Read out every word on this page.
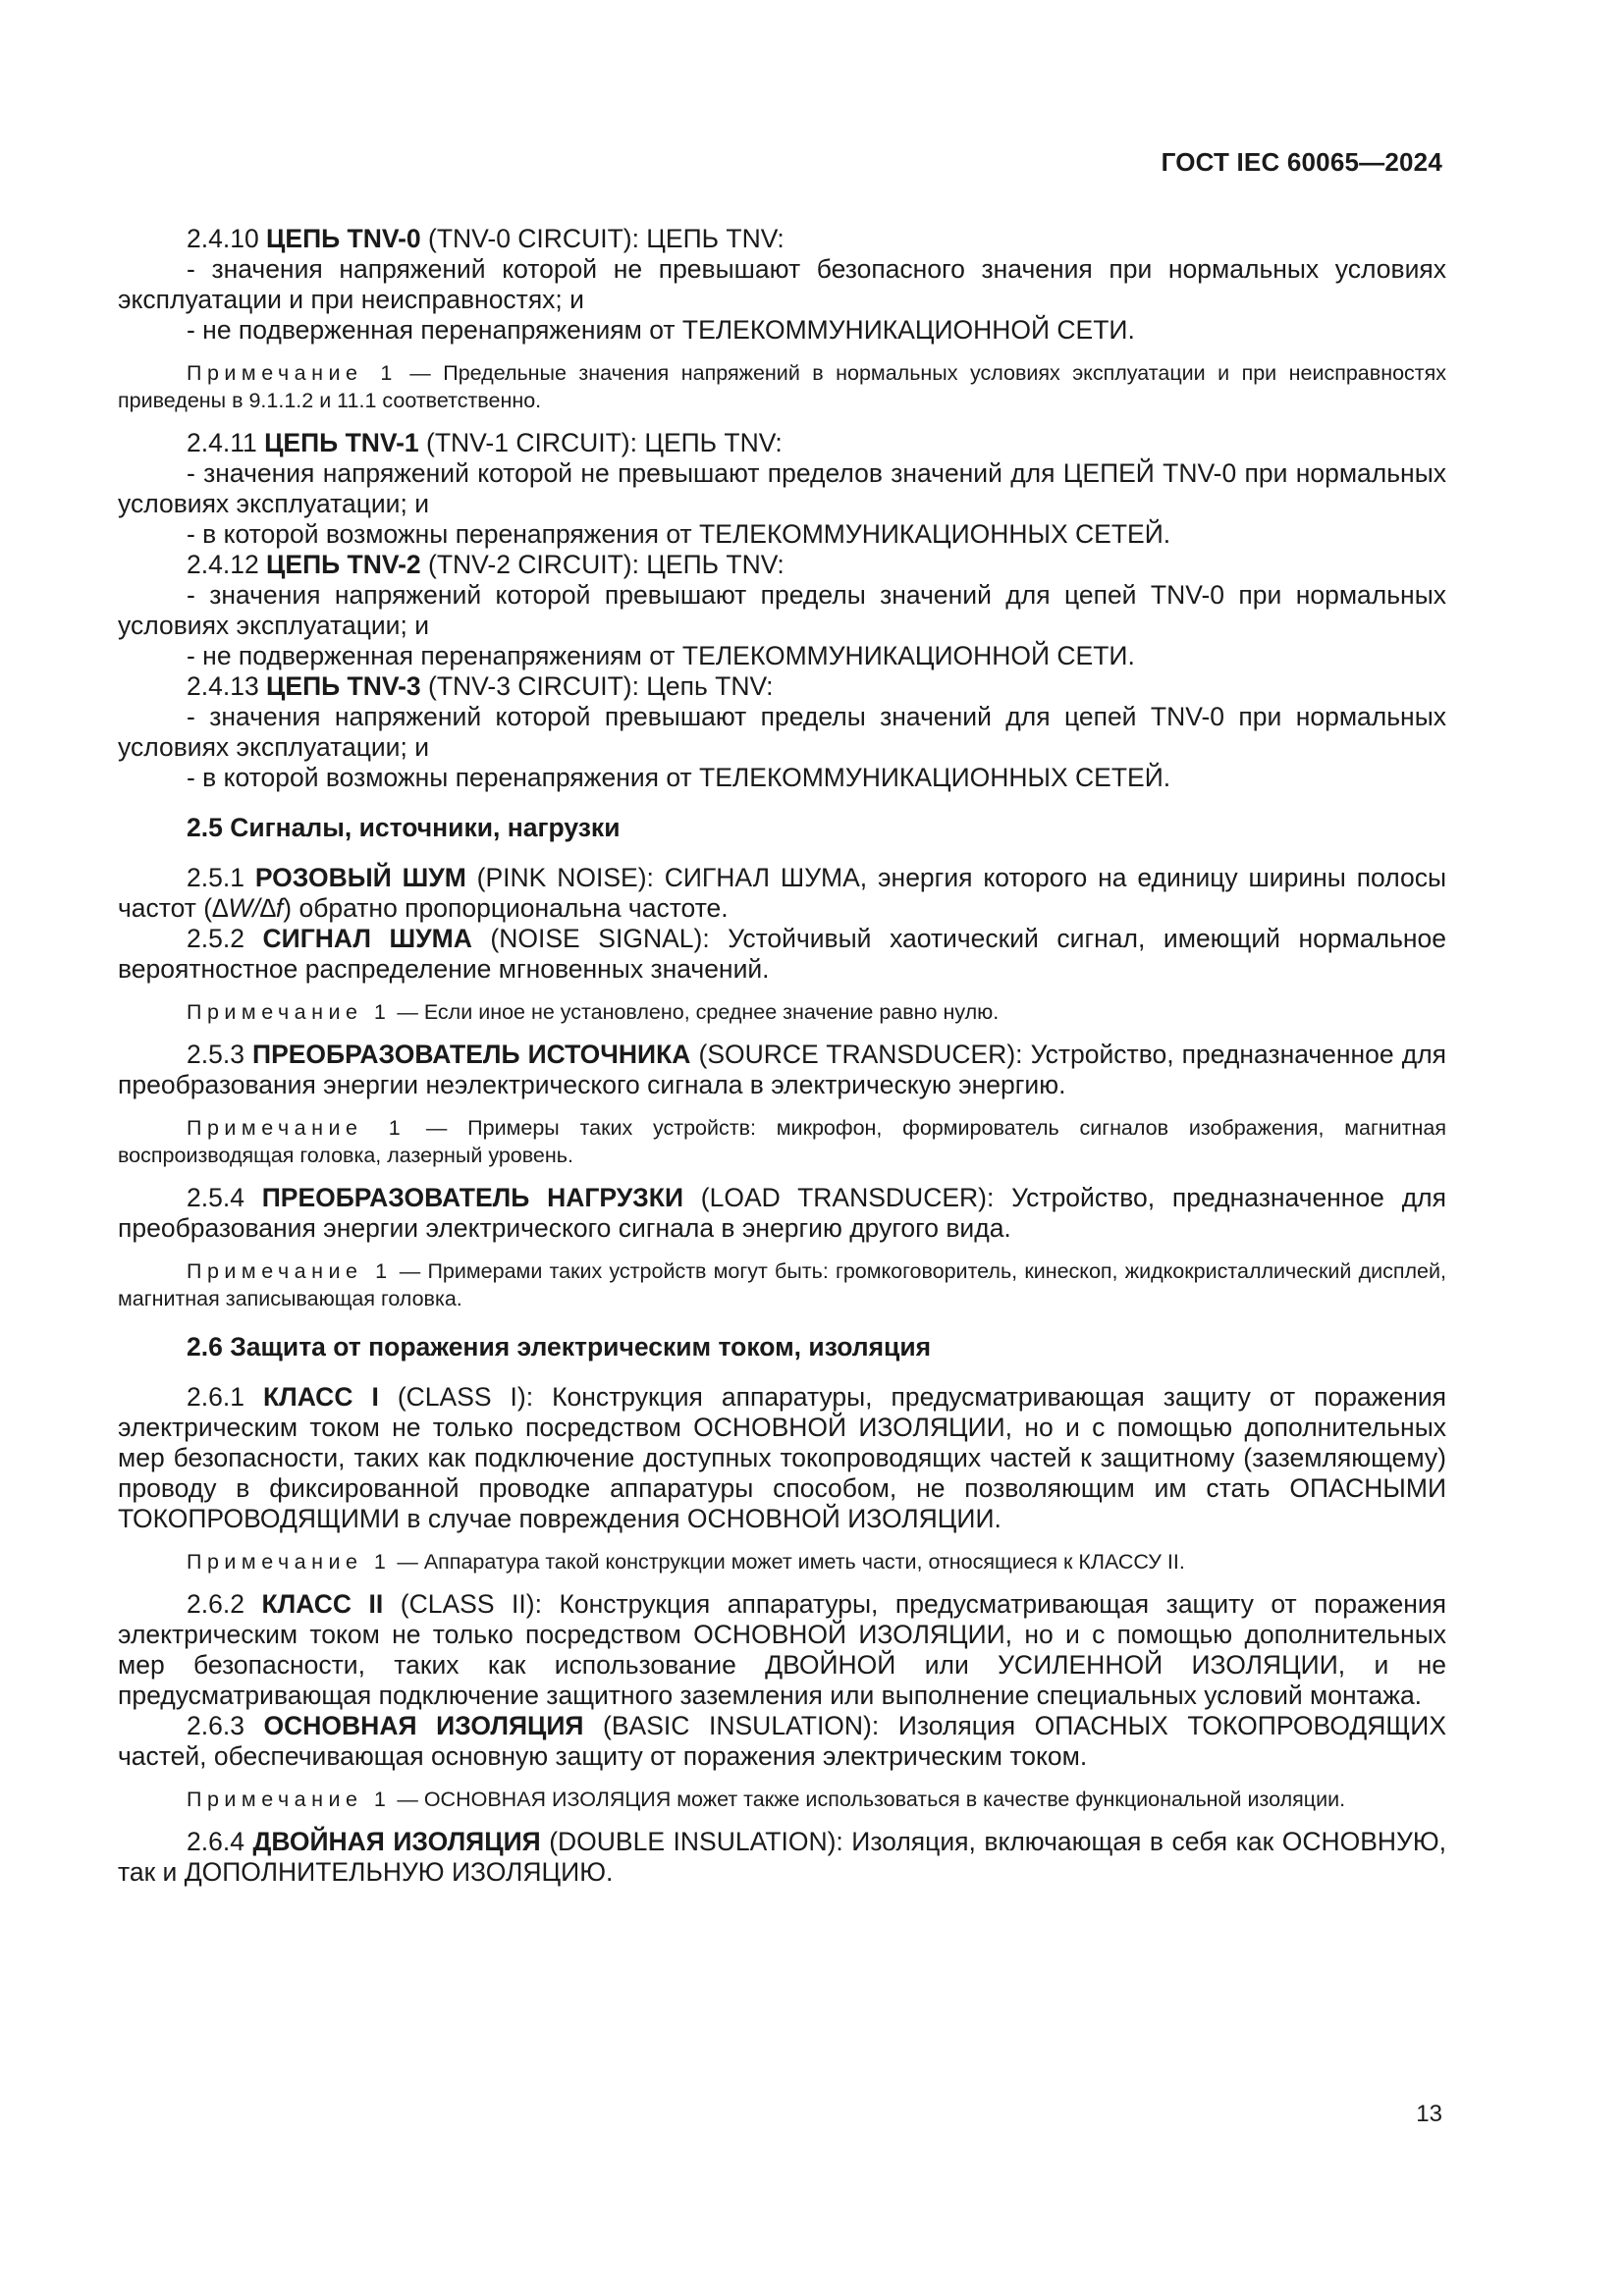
ГОСТ IEC 60065—2024

2.4.10 ЦЕПЬ TNV-0 (TNV-0 CIRCUIT): ЦЕПЬ TNV:

- значения напряжений которой не превышают безопасного значения при нормальных условиях эксплуатации и при неисправностях; и

- не подверженная перенапряжениям от ТЕЛЕКОММУНИКАЦИОННОЙ СЕТИ.

Примечание 1 — Предельные значения напряжений в нормальных условиях эксплуатации и при неисправностях приведены в 9.1.1.2 и 11.1 соответственно.

2.4.11 ЦЕПЬ TNV-1 (TNV-1 CIRCUIT): ЦЕПЬ TNV:

- значения напряжений которой не превышают пределов значений для ЦЕПЕЙ TNV-0 при нормальных условиях эксплуатации; и

- в которой возможны перенапряжения от ТЕЛЕКОММУНИКАЦИОННЫХ СЕТЕЙ.

2.4.12 ЦЕПЬ TNV-2 (TNV-2 CIRCUIT): ЦЕПЬ TNV:

- значения напряжений которой превышают пределы значений для цепей TNV-0 при нормальных условиях эксплуатации; и

- не подверженная перенапряжениям от ТЕЛЕКОММУНИКАЦИОННОЙ СЕТИ.

2.4.13 ЦЕПЬ TNV-3 (TNV-3 CIRCUIT): Цепь TNV:

- значения напряжений которой превышают пределы значений для цепей TNV-0 при нормальных условиях эксплуатации; и

- в которой возможны перенапряжения от ТЕЛЕКОММУНИКАЦИОННЫХ СЕТЕЙ.

2.5 Сигналы, источники, нагрузки

2.5.1 РОЗОВЫЙ ШУМ (PINK NOISE): СИГНАЛ ШУМА, энергия которого на единицу ширины полосы частот (∆W/∆f) обратно пропорциональна частоте.

2.5.2 СИГНАЛ ШУМА (NOISE SIGNAL): Устойчивый хаотический сигнал, имеющий нормальное вероятностное распределение мгновенных значений.

Примечание 1 — Если иное не установлено, среднее значение равно нулю.

2.5.3 ПРЕОБРАЗОВАТЕЛЬ ИСТОЧНИКА (SOURCE TRANSDUCER): Устройство, предназначенное для преобразования энергии неэлектрического сигнала в электрическую энергию.

Примечание 1 — Примеры таких устройств: микрофон, формирователь сигналов изображения, магнитная воспроизводящая головка, лазерный уровень.

2.5.4 ПРЕОБРАЗОВАТЕЛЬ НАГРУЗКИ (LOAD TRANSDUCER): Устройство, предназначенное для преобразования энергии электрического сигнала в энергию другого вида.

Примечание 1 — Примерами таких устройств могут быть: громкоговоритель, кинескоп, жидкокристаллический дисплей, магнитная записывающая головка.

2.6 Защита от поражения электрическим током, изоляция

2.6.1 КЛАСС I (CLASS I): Конструкция аппаратуры, предусматривающая защиту от поражения электрическим током не только посредством ОСНОВНОЙ ИЗОЛЯЦИИ, но и с помощью дополнительных мер безопасности, таких как подключение доступных токопроводящих частей к защитному (заземляющему) проводу в фиксированной проводке аппаратуры способом, не позволяющим им стать ОПАСНЫМИ ТОКОПРОВОДЯЩИМИ в случае повреждения ОСНОВНОЙ ИЗОЛЯЦИИ.

Примечание 1 — Аппаратура такой конструкции может иметь части, относящиеся к КЛАССУ II.

2.6.2 КЛАСС II (CLASS II): Конструкция аппаратуры, предусматривающая защиту от поражения электрическим током не только посредством ОСНОВНОЙ ИЗОЛЯЦИИ, но и с помощью дополнительных мер безопасности, таких как использование ДВОЙНОЙ или УСИЛЕННОЙ ИЗОЛЯЦИИ, и не предусматривающая подключение защитного заземления или выполнение специальных условий монтажа.

2.6.3 ОСНОВНАЯ ИЗОЛЯЦИЯ (BASIC INSULATION): Изоляция ОПАСНЫХ ТОКОПРОВОДЯЩИХ частей, обеспечивающая основную защиту от поражения электрическим током.

Примечание 1 — ОСНОВНАЯ ИЗОЛЯЦИЯ может также использоваться в качестве функциональной изоляции.

2.6.4 ДВОЙНАЯ ИЗОЛЯЦИЯ (DOUBLE INSULATION): Изоляция, включающая в себя как ОСНОВНУЮ, так и ДОПОЛНИТЕЛЬНУЮ ИЗОЛЯЦИЮ.

13
